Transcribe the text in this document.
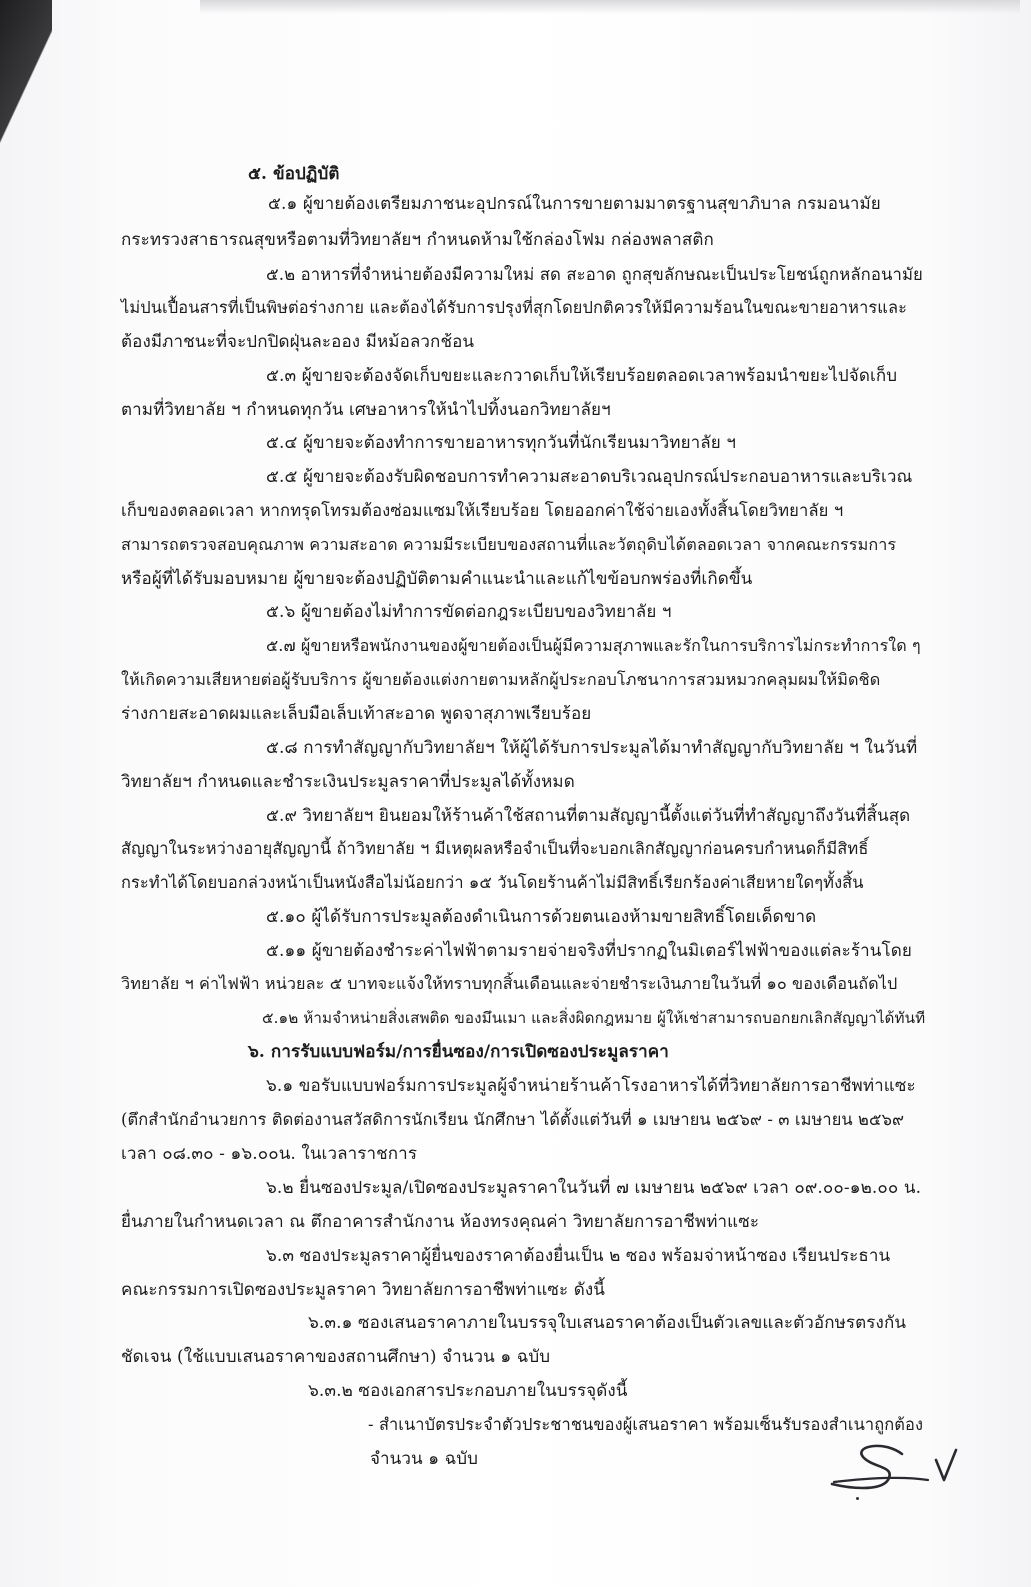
๕. ข้อปฏิบัติ
๕.๑ ผู้ขายต้องเตรียมภาชนะอุปกรณ์ในการขายตามมาตรฐานสุขาภิบาล กรมอนามัย
กระทรวงสาธารณสุขหรือตามที่วิทยาลัยฯ กำหนดห้ามใช้กล่องโฟม กล่องพลาสติก
๕.๒ อาหารที่จำหน่ายต้องมีความใหม่ สด สะอาด ถูกสุขลักษณะเป็นประโยชน์ถูกหลักอนามัย
ไม่ปนเปื้อนสารที่เป็นพิษต่อร่างกาย และต้องได้รับการปรุงที่สุกโดยปกติควรให้มีความร้อนในขณะขายอาหารและ
ต้องมีภาชนะที่จะปกปิดฝุ่นละออง มีหม้อลวกช้อน
๕.๓ ผู้ขายจะต้องจัดเก็บขยะและกวาดเก็บให้เรียบร้อยตลอดเวลาพร้อมนำขยะไปจัดเก็บ
ตามที่วิทยาลัย ฯ กำหนดทุกวัน เศษอาหารให้นำไปทิ้งนอกวิทยาลัยฯ
๕.๔ ผู้ขายจะต้องทำการขายอาหารทุกวันที่นักเรียนมาวิทยาลัย ฯ
๕.๕ ผู้ขายจะต้องรับผิดชอบการทำความสะอาดบริเวณอุปกรณ์ประกอบอาหารและบริเวณ
เก็บของตลอดเวลา หากทรุดโทรมต้องซ่อมแซมให้เรียบร้อย โดยออกค่าใช้จ่ายเองทั้งสิ้นโดยวิทยาลัย ฯ
สามารถตรวจสอบคุณภาพ ความสะอาด ความมีระเบียบของสถานที่และวัตถุดิบได้ตลอดเวลา จากคณะกรรมการ
หรือผู้ที่ได้รับมอบหมาย ผู้ขายจะต้องปฏิบัติตามคำแนะนำและแก้ไขข้อบกพร่องที่เกิดขึ้น
๕.๖ ผู้ขายต้องไม่ทำการขัดต่อกฎระเบียบของวิทยาลัย ฯ
๕.๗ ผู้ขายหรือพนักงานของผู้ขายต้องเป็นผู้มีความสุภาพและรักในการบริการไม่กระทำการใด ๆ
ให้เกิดความเสียหายต่อผู้รับบริการ ผู้ขายต้องแต่งกายตามหลักผู้ประกอบโภชนาการสวมหมวกคลุมผมให้มิดชิด
ร่างกายสะอาดผมและเล็บมือเล็บเท้าสะอาด พูดจาสุภาพเรียบร้อย
๕.๘ การทำสัญญากับวิทยาลัยฯ ให้ผู้ได้รับการประมูลได้มาทำสัญญากับวิทยาลัย ฯ ในวันที่
วิทยาลัยฯ กำหนดและชำระเงินประมูลราคาที่ประมูลได้ทั้งหมด
๕.๙ วิทยาลัยฯ ยินยอมให้ร้านค้าใช้สถานที่ตามสัญญานี้ตั้งแต่วันที่ทำสัญญาถึงวันที่สิ้นสุด
สัญญาในระหว่างอายุสัญญานี้ ถ้าวิทยาลัย ฯ มีเหตุผลหรือจำเป็นที่จะบอกเลิกสัญญาก่อนครบกำหนดก็มีสิทธิ์
กระทำได้โดยบอกล่วงหน้าเป็นหนังสือไม่น้อยกว่า ๑๕ วันโดยร้านค้าไม่มีสิทธิ์เรียกร้องค่าเสียหายใดๆทั้งสิ้น
๕.๑๐ ผู้ได้รับการประมูลต้องดำเนินการด้วยตนเองห้ามขายสิทธิ์โดยเด็ดขาด
๕.๑๑ ผู้ขายต้องชำระค่าไฟฟ้าตามรายจ่ายจริงที่ปรากฏในมิเตอร์ไฟฟ้าของแต่ละร้านโดย
วิทยาลัย ฯ ค่าไฟฟ้า หน่วยละ ๕ บาทจะแจ้งให้ทราบทุกสิ้นเดือนและจ่ายชำระเงินภายในวันที่ ๑๐ ของเดือนถัดไป
๕.๑๒ ห้ามจำหน่ายสิ่งเสพติด ของมึนเมา และสิ่งผิดกฎหมาย ผู้ให้เช่าสามารถบอกยกเลิกสัญญาได้ทันที
๖. การรับแบบฟอร์ม/การยื่นซอง/การเปิดซองประมูลราคา
๖.๑ ขอรับแบบฟอร์มการประมูลผู้จำหน่ายร้านค้าโรงอาหารได้ที่วิทยาลัยการอาชีพท่าแซะ
(ตึกสำนักอำนวยการ ติดต่องานสวัสดิการนักเรียน นักศึกษา ได้ตั้งแต่วันที่ ๑ เมษายน ๒๕๖๙ - ๓ เมษายน ๒๕๖๙
เวลา ๐๘.๓๐ - ๑๖.๐๐น. ในเวลาราชการ
๖.๒ ยื่นซองประมูล/เปิดซองประมูลราคาในวันที่ ๗ เมษายน ๒๕๖๙ เวลา ๐๙.๐๐-๑๒.๐๐ น.
ยื่นภายในกำหนดเวลา ณ ตึกอาคารสำนักงาน ห้องทรงคุณค่า วิทยาลัยการอาชีพท่าแซะ
๖.๓ ซองประมูลราคาผู้ยื่นของราคาต้องยื่นเป็น ๒ ซอง พร้อมจ่าหน้าซอง เรียนประธาน
คณะกรรมการเปิดซองประมูลราคา วิทยาลัยการอาชีพท่าแซะ ดังนี้
๖.๓.๑ ซองเสนอราคาภายในบรรจุใบเสนอราคาต้องเป็นตัวเลขและตัวอักษรตรงกัน
ชัดเจน (ใช้แบบเสนอราคาของสถานศึกษา) จำนวน ๑ ฉบับ
๖.๓.๒ ซองเอกสารประกอบภายในบรรจุดังนี้
- สำเนาบัตรประจำตัวประชาชนของผู้เสนอราคา พร้อมเซ็นรับรองสำเนาถูกต้อง
จำนวน ๑ ฉบับ
